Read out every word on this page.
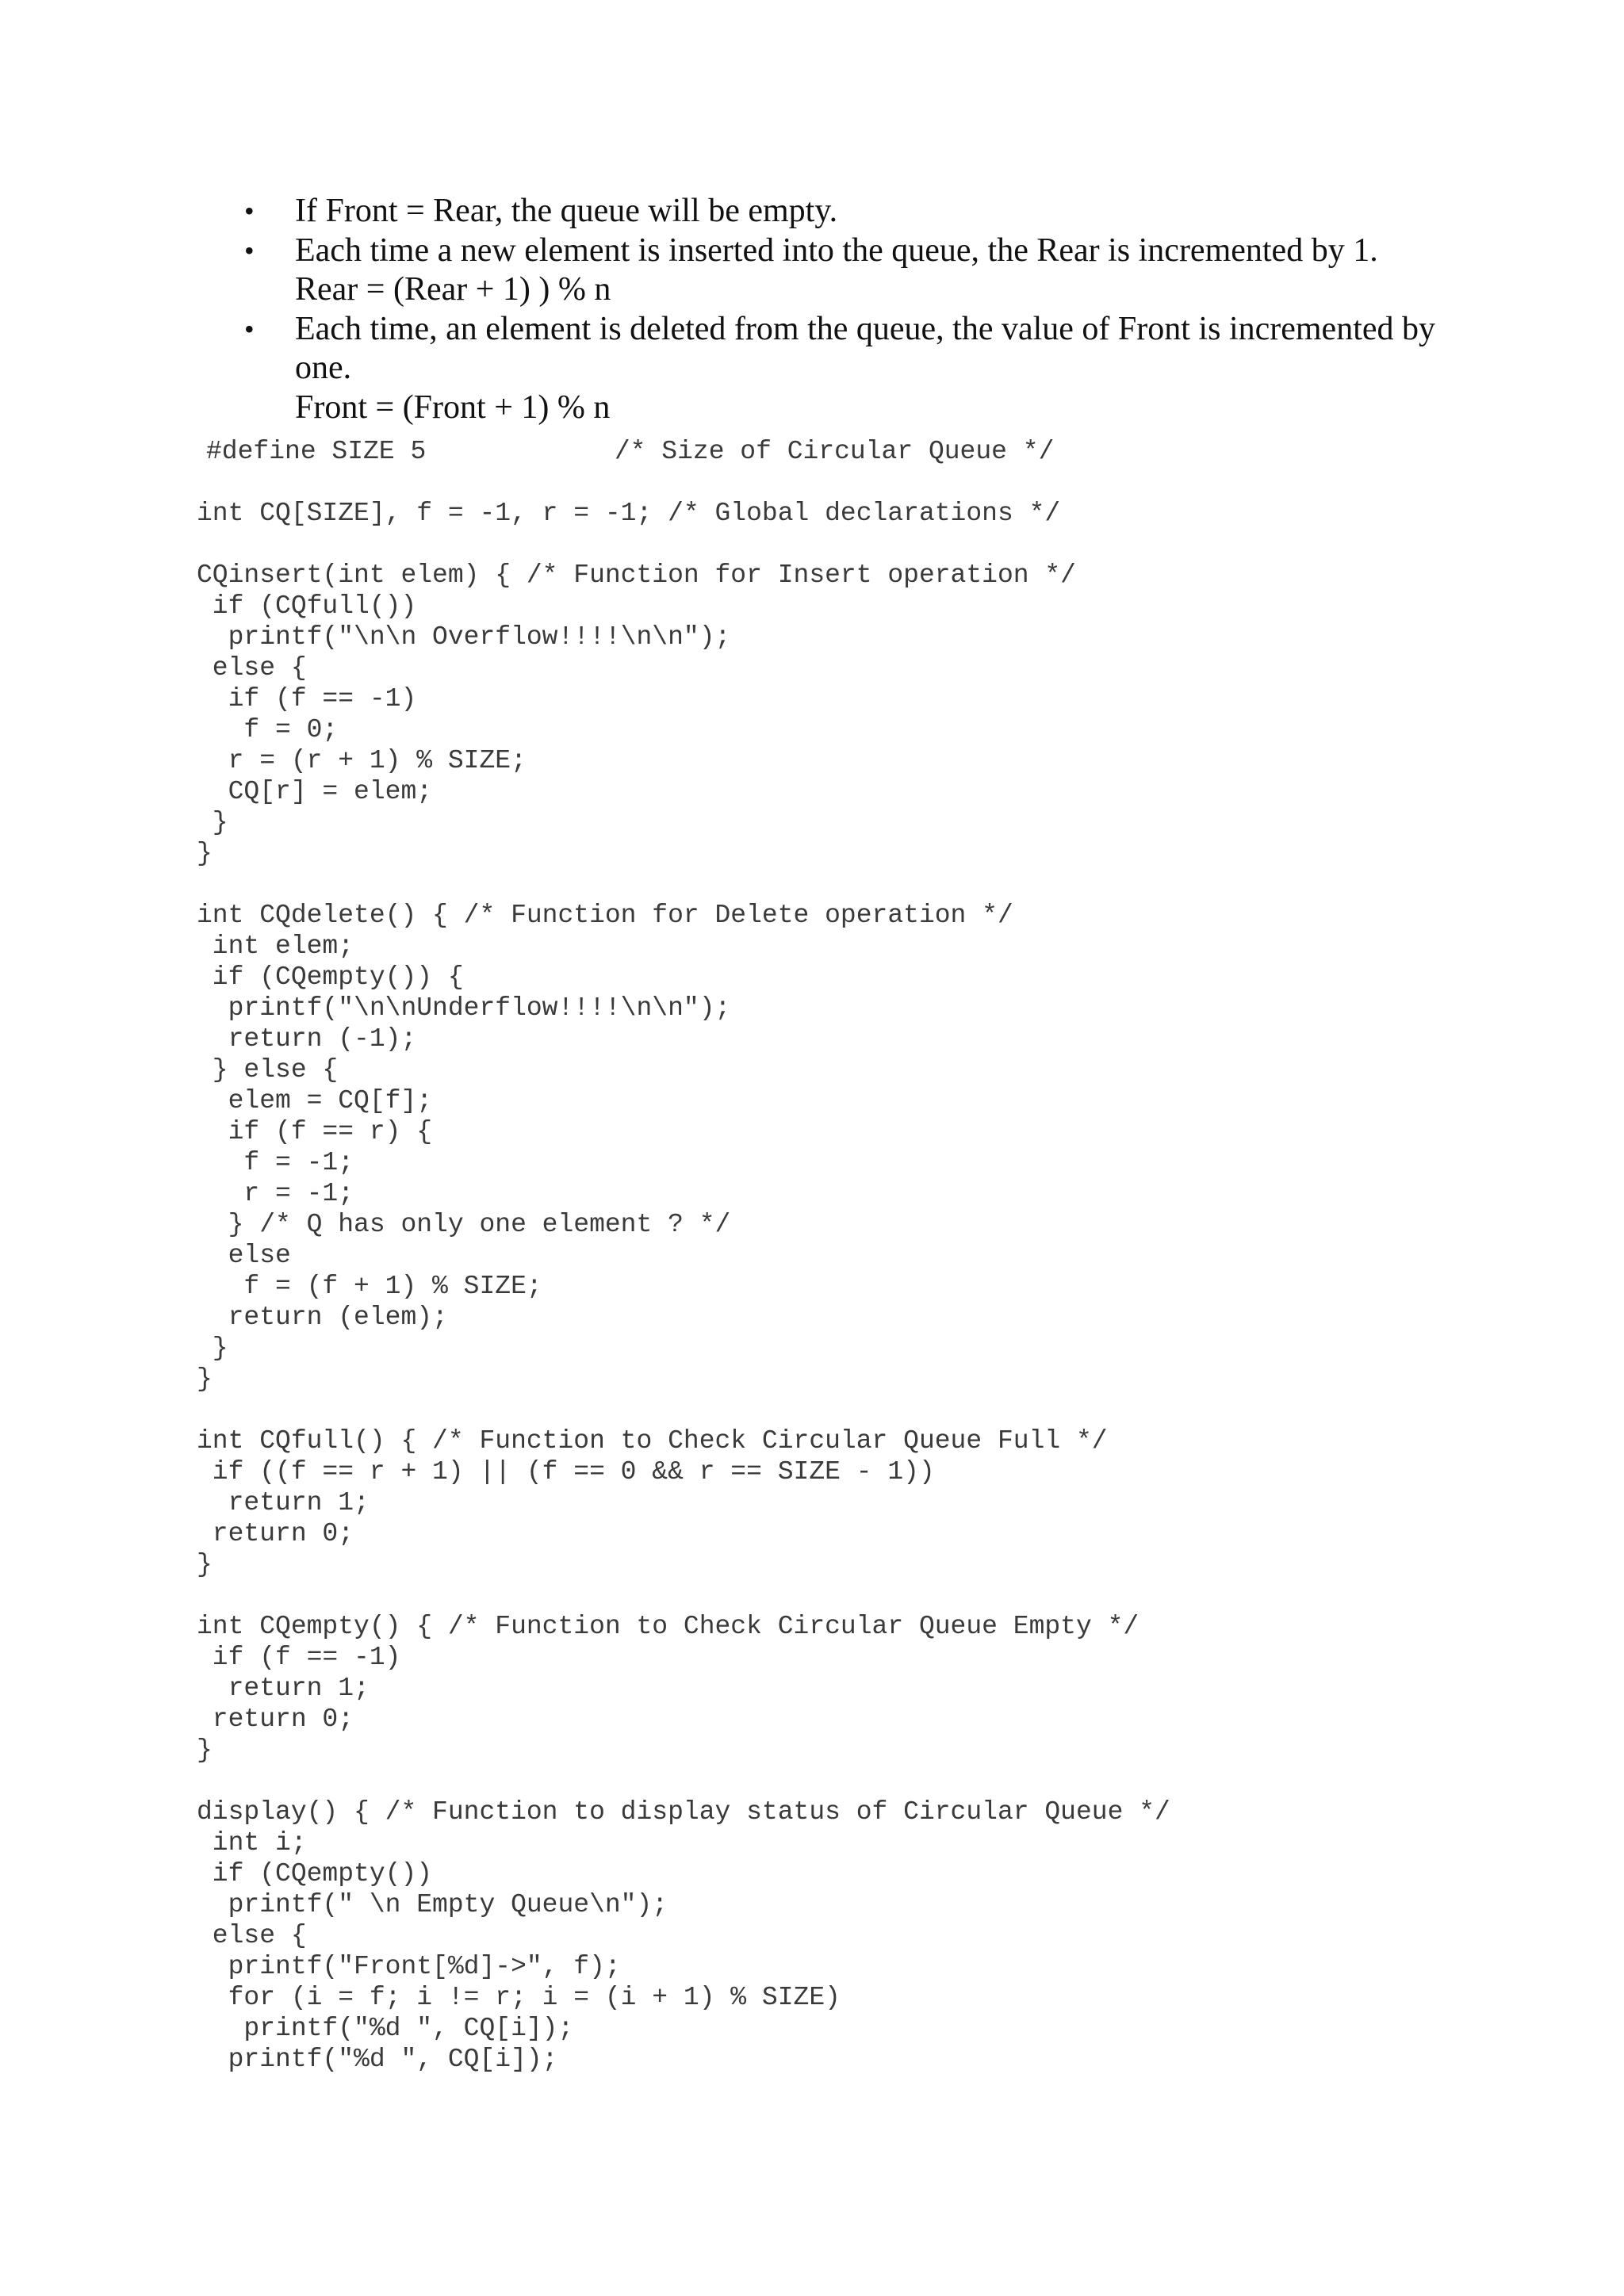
• If Front = Rear, the queue will be empty.
• Each time a new element is inserted into the queue, the Rear is incremented by 1.
Rear = (Rear + 1) ) % n
• Each time, an element is deleted from the queue, the value of Front is incremented by one.
Front = (Front + 1) % n
#define SIZE 5            /* Size of Circular Queue */
int CQ[SIZE], f = -1, r = -1; /* Global declarations */
CQinsert(int elem) { /* Function for Insert operation */
if (CQfull())
printf("\n\n Overflow!!!!\n\n");
else {
if (f == -1)
f = 0;
r = (r + 1) % SIZE;
CQ[r] = elem;
}
}
int CQdelete() { /* Function for Delete operation */
int elem;
if (CQempty()) {
printf("\n\nUnderflow!!!!\n\n");
return (-1);
} else {
elem = CQ[f];
if (f == r) {
f = -1;
r = -1;
} /* Q has only one element ? */
else
f = (f + 1) % SIZE;
return (elem);
}
}
int CQfull() { /* Function to Check Circular Queue Full */
if ((f == r + 1) || (f == 0 && r == SIZE - 1))
return 1;
return 0;
}
int CQempty() { /* Function to Check Circular Queue Empty */
if (f == -1)
return 1;
return 0;
}
display() { /* Function to display status of Circular Queue */
int i;
if (CQempty())
printf(" \n Empty Queue\n");
else {
printf("Front[%d]->", f);
for (i = f; i != r; i = (i + 1) % SIZE)
printf("%d ", CQ[i]);
printf("%d ", CQ[i]);
